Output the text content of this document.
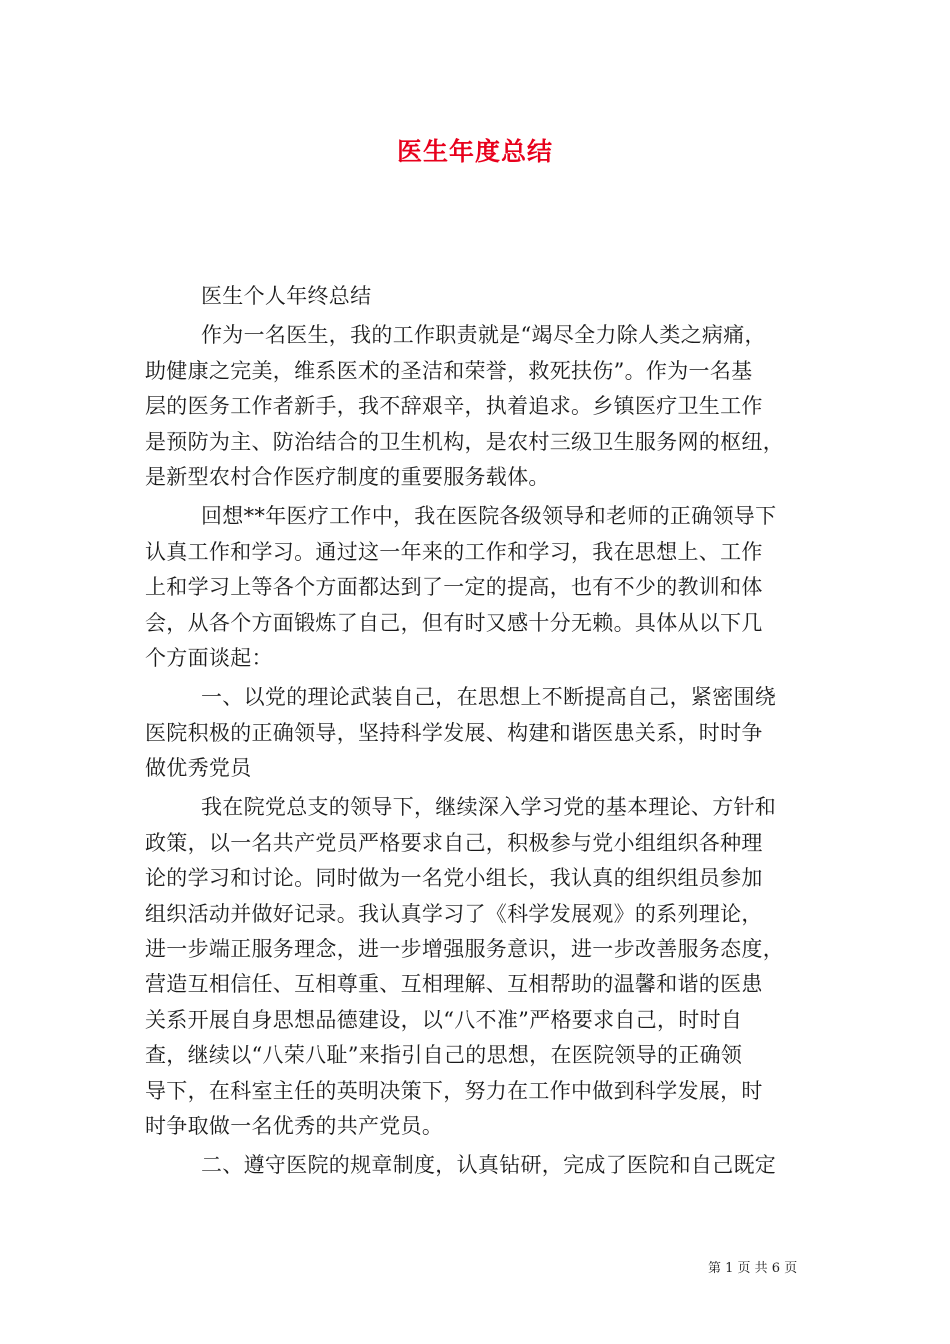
医生年度总结
医生个人年终总结
作为一名医生，我的工作职责就是“竭尽全力除人类之病痛，
助健康之完美，维系医术的圣洁和荣誉，救死扶伤”。作为一名基
层的医务工作者新手，我不辞艰辛，执着追求。乡镇医疗卫生工作
是预防为主、防治结合的卫生机构，是农村三级卫生服务网的枢纽，
是新型农村合作医疗制度的重要服务载体。
回想**年医疗工作中，我在医院各级领导和老师的正确领导下
认真工作和学习。通过这一年来的工作和学习，我在思想上、工作
上和学习上等各个方面都达到了一定的提高，也有不少的教训和体
会，从各个方面锻炼了自己，但有时又感十分无赖。具体从以下几
个方面谈起：
一、以党的理论武装自己，在思想上不断提高自己，紧密围绕
医院积极的正确领导，坚持科学发展、构建和谐医患关系，时时争
做优秀党员
我在院党总支的领导下，继续深入学习党的基本理论、方针和
政策，以一名共产党员严格要求自己，积极参与党小组组织各种理
论的学习和讨论。同时做为一名党小组长，我认真的组织组员参加
组织活动并做好记录。我认真学习了《科学发展观》的系列理论，
进一步端正服务理念，进一步增强服务意识，进一步改善服务态度，
营造互相信任、互相尊重、互相理解、互相帮助的温馨和谐的医患
关系开展自身思想品德建设，以“八不准”严格要求自己，时时自
查，继续以“八荣八耻”来指引自己的思想，在医院领导的正确领
导下，在科室主任的英明决策下，努力在工作中做到科学发展，时
时争取做一名优秀的共产党员。
二、遵守医院的规章制度，认真钻研，完成了医院和自己既定
第 1 页 共 6 页
